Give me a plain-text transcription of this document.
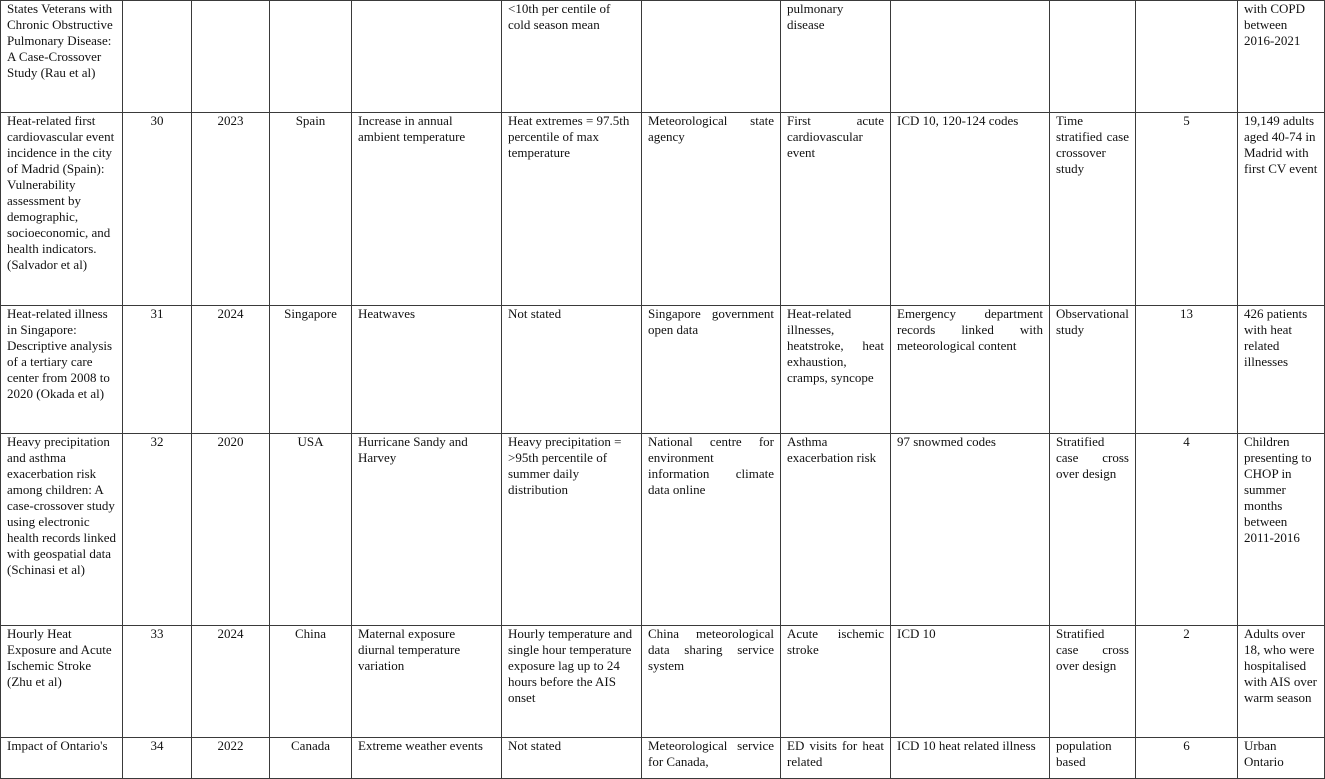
States Veterans with Chronic Obstructive Pulmonary Disease: A Case-Crossover Study (Rau et al)					<10th per centile of cold season mean		pulmonary disease				with COPD between 2016-2021
Heat-related first cardiovascular event incidence in the city of Madrid (Spain): Vulnerability assessment by demographic, socioeconomic, and health indicators. (Salvador et al)	30	2023	Spain	Increase in annual ambient temperature	Heat extremes = 97.5th percentile of max temperature	Meteorological state agency	First acute cardiovascular event	ICD 10, 120-124 codes	Time stratified case crossover study	5	19,149 adults aged 40-74 in Madrid with first CV event
Heat-related illness in Singapore: Descriptive analysis of a tertiary care center from 2008 to 2020 (Okada et al)	31	2024	Singapore	Heatwaves	Not stated	Singapore government open data	Heat-related illnesses, heatstroke, heat exhaustion, cramps, syncope	Emergency department records linked with meteorological content	Observational study	13	426 patients with heat related illnesses
Heavy precipitation and asthma exacerbation risk among children: A case-crossover study using electronic health records linked with geospatial data (Schinasi et al)	32	2020	USA	Hurricane Sandy and Harvey	Heavy precipitation = >95th percentile of summer daily distribution	National centre for environment information climate data online	Asthma exacerbation risk	97 snowmed codes	Stratified case cross over design	4	Children presenting to CHOP in summer months between 2011-2016
Hourly Heat Exposure and Acute Ischemic Stroke (Zhu et al)	33	2024	China	Maternal exposure diurnal temperature variation	Hourly temperature and single hour temperature exposure lag up to 24 hours before the AIS onset	China meteorological data sharing service system	Acute ischemic stroke	ICD 10	Stratified case cross over design	2	Adults over 18, who were hospitalised with AIS over warm season
Impact of Ontario's	34	2022	Canada	Extreme weather events	Not stated	Meteorological service for Canada,	ED visits for heat related	ICD 10 heat related illness	population based	6	Urban Ontario
